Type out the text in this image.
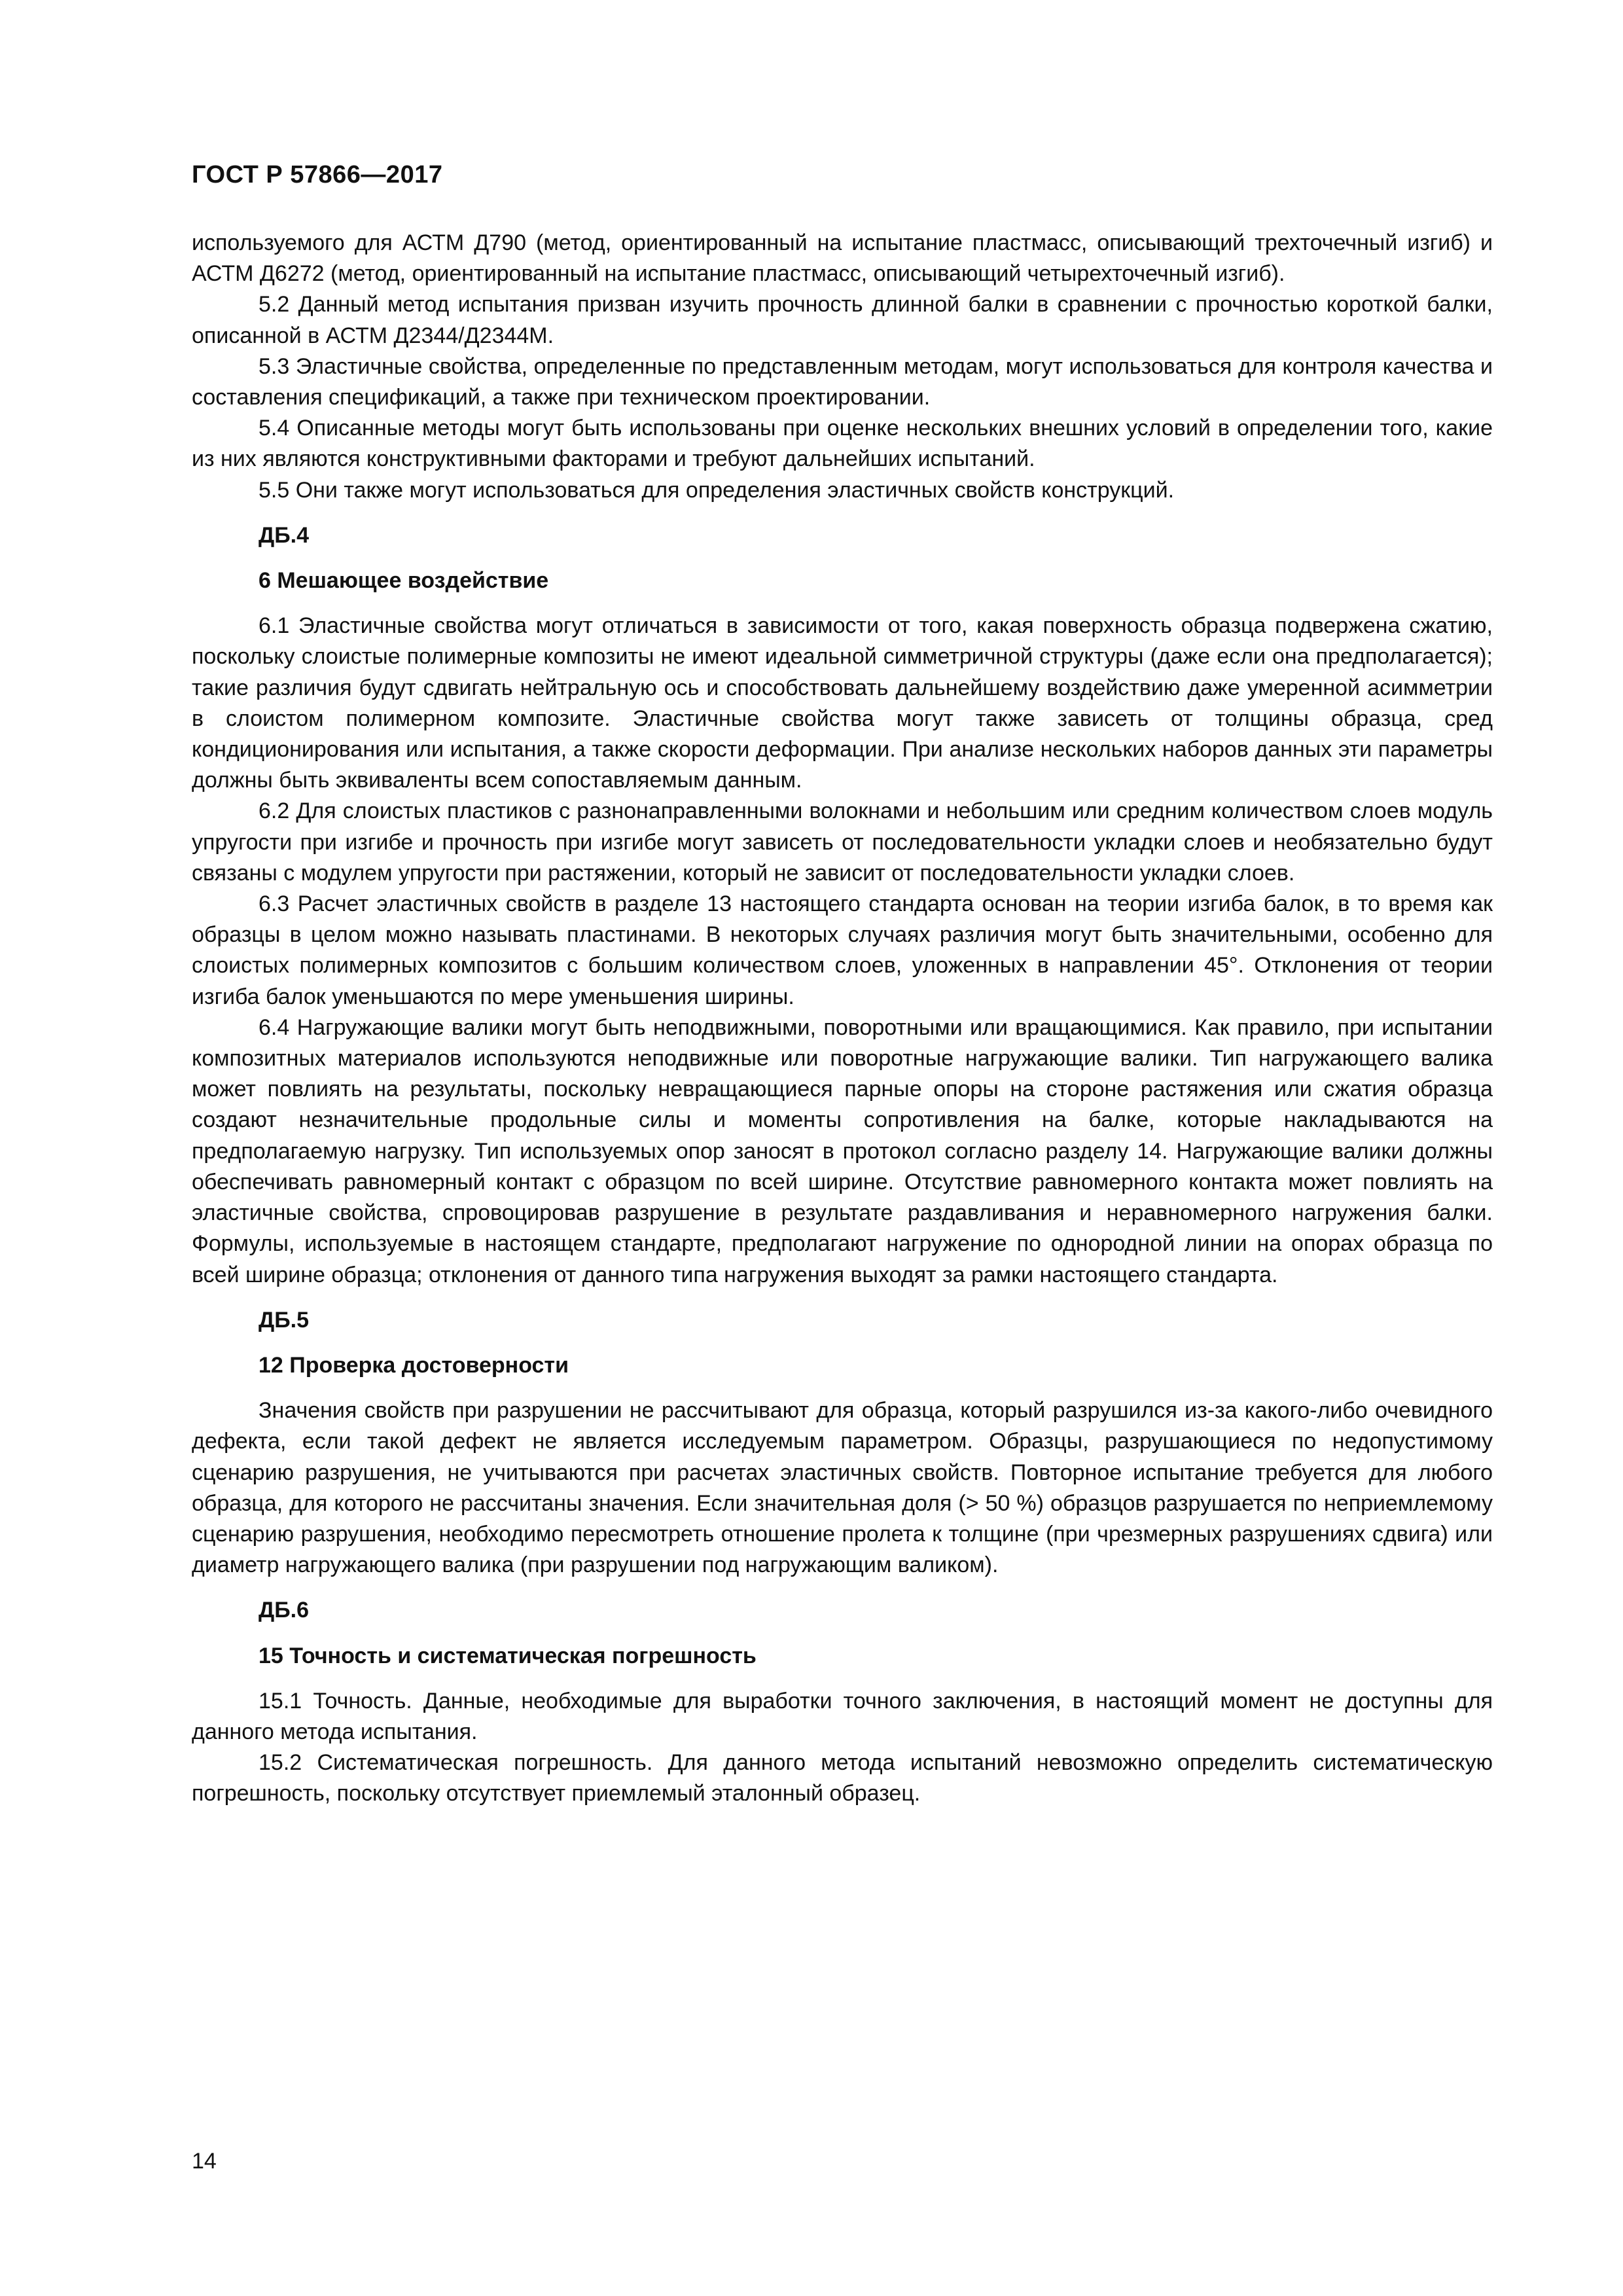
ГОСТ Р 57866—2017

используемого для АСТМ Д790 (метод, ориентированный на испытание пластмасс, описывающий трехточечный изгиб) и АСТМ Д6272 (метод, ориентированный на испытание пластмасс, описывающий четырехточечный изгиб).

5.2 Данный метод испытания призван изучить прочность длинной балки в сравнении с прочностью короткой балки, описанной в АСТМ Д2344/Д2344М.

5.3 Эластичные свойства, определенные по представленным методам, могут использоваться для контроля качества и составления спецификаций, а также при техническом проектировании.

5.4 Описанные методы могут быть использованы при оценке нескольких внешних условий в определении того, какие из них являются конструктивными факторами и требуют дальнейших испытаний.

5.5 Они также могут использоваться для определения эластичных свойств конструкций.

ДБ.4
6 Мешающее воздействие

6.1 Эластичные свойства могут отличаться в зависимости от того, какая поверхность образца подвержена сжатию, поскольку слоистые полимерные композиты не имеют идеальной симметричной структуры (даже если она предполагается); такие различия будут сдвигать нейтральную ось и способствовать дальнейшему воздействию даже умеренной асимметрии в слоистом полимерном композите. Эластичные свойства могут также зависеть от толщины образца, сред кондиционирования или испытания, а также скорости деформации. При анализе нескольких наборов данных эти параметры должны быть эквиваленты всем сопоставляемым данным.

6.2 Для слоистых пластиков с разнонаправленными волокнами и небольшим или средним количеством слоев модуль упругости при изгибе и прочность при изгибе могут зависеть от последовательности укладки слоев и необязательно будут связаны с модулем упругости при растяжении, который не зависит от последовательности укладки слоев.

6.3 Расчет эластичных свойств в разделе 13 настоящего стандарта основан на теории изгиба балок, в то время как образцы в целом можно называть пластинами. В некоторых случаях различия могут быть значительными, особенно для слоистых полимерных композитов с большим количеством слоев, уложенных в направлении 45°. Отклонения от теории изгиба балок уменьшаются по мере уменьшения ширины.

6.4 Нагружающие валики могут быть неподвижными, поворотными или вращающимися. Как правило, при испытании композитных материалов используются неподвижные или поворотные нагружающие валики. Тип нагружающего валика может повлиять на результаты, поскольку невращающиеся парные опоры на стороне растяжения или сжатия образца создают незначительные продольные силы и моменты сопротивления на балке, которые накладываются на предполагаемую нагрузку. Тип используемых опор заносят в протокол согласно разделу 14. Нагружающие валики должны обеспечивать равномерный контакт с образцом по всей ширине. Отсутствие равномерного контакта может повлиять на эластичные свойства, спровоцировав разрушение в результате раздавливания и неравномерного нагружения балки. Формулы, используемые в настоящем стандарте, предполагают нагружение по однородной линии на опорах образца по всей ширине образца; отклонения от данного типа нагружения выходят за рамки настоящего стандарта.

ДБ.5
12 Проверка достоверности

Значения свойств при разрушении не рассчитывают для образца, который разрушился из-за какого-либо очевидного дефекта, если такой дефект не является исследуемым параметром. Образцы, разрушающиеся по недопустимому сценарию разрушения, не учитываются при расчетах эластичных свойств. Повторное испытание требуется для любого образца, для которого не рассчитаны значения. Если значительная доля (> 50 %) образцов разрушается по неприемлемому сценарию разрушения, необходимо пересмотреть отношение пролета к толщине (при чрезмерных разрушениях сдвига) или диаметр нагружающего валика (при разрушении под нагружающим валиком).

ДБ.6
15 Точность и систематическая погрешность

15.1 Точность. Данные, необходимые для выработки точного заключения, в настоящий момент не доступны для данного метода испытания.

15.2 Систематическая погрешность. Для данного метода испытаний невозможно определить систематическую погрешность, поскольку отсутствует приемлемый эталонный образец.

14
